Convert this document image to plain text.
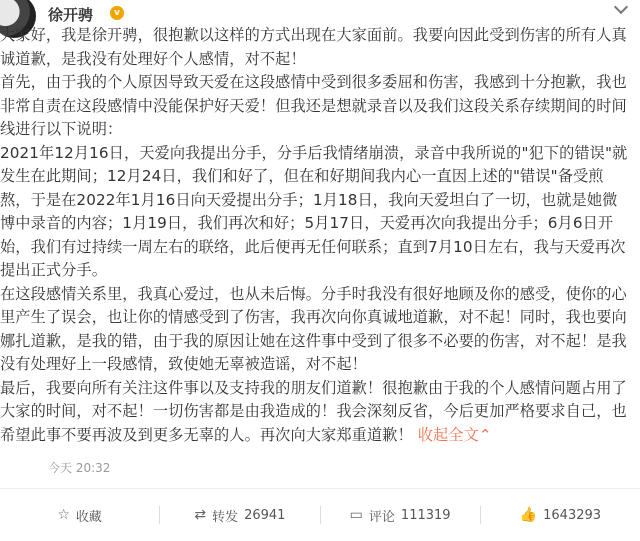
徐开骋	v

大家好，我是徐开骋，很抱歉以这样的方式出现在大家面前。我要向因此受到伤害的所有人真诚道歉，是我没有处理好个人感情，对不起！

首先，由于我的个人原因导致天爱在这段感情中受到很多委屈和伤害，我感到十分抱歉，我也非常自责在这段感情中没能保护好天爱！但我还是想就录音以及我们这段关系存续期间的时间线进行以下说明：

2021年12月16日，天爱向我提出分手，分手后我情绪崩溃，录音中我所说的"犯下的错误"就发生在此期间；12月24日，我们和好了，但在和好期间我内心一直因上述的"错误"备受煎熬，于是在2022年1月16日向天爱提出分手；1月18日，我向天爱坦白了一切，也就是她微博中录音的内容；1月19日，我们再次和好；5月17日，天爱再次向我提出分手；6月6日开始，我们有过持续一周左右的联络，此后便再无任何联系；直到7月10日左右，我与天爱再次提出正式分手。

在这段感情关系里，我真心爱过，也从未后悔。分手时我没有很好地顾及你的感受，使你的心里产生了误会，也让你的情感受到了伤害，我再次向你真诚地道歉，对不起！同时，我也要向娜扎道歉，是我的错，由于我的原因让她在这件事中受到了很多不必要的伤害，对不起！是我没有处理好上一段感情，致使她无辜被造谣，对不起！

最后，我要向所有关注这件事以及支持我的朋友们道歉！很抱歉由于我的个人感情问题占用了大家的时间，对不起！一切伤害都是由我造成的！我会深刻反省，今后更加严格要求自己，也希望此事不要再波及到更多无辜的人。再次向大家郑重道歉！ 收起全文⌃

今天 20:32
☆ 收藏	⇄ 转发 26941	▭ 评论 111319	👍 1643293
